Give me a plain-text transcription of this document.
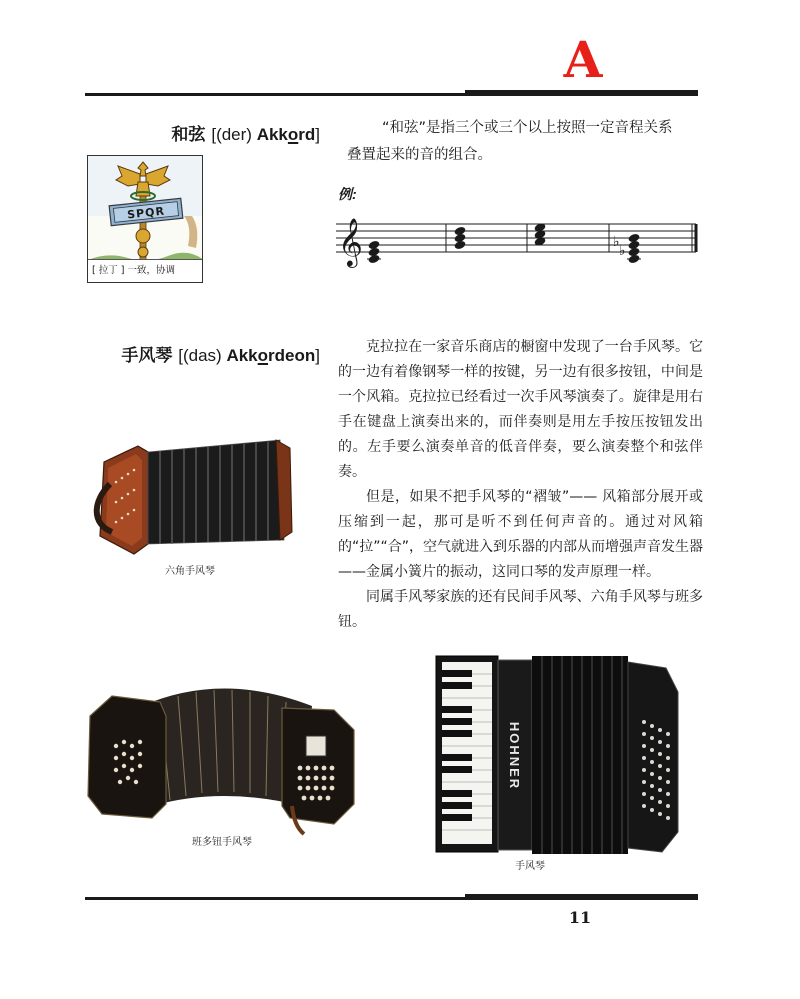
A
和弦 [(der) Akkord]	“和弦”是指三个或三个以上按照一定音程关系
叠置起来的音的组合。
例:
𝄞	♭
♭
SPQR
[ 拉丁 ] 一致，协调
手风琴 [(das) Akkordeon]	克拉拉在一家音乐商店的橱窗中发现了一台手风琴。它的一边有着像钢琴一样的按键，另一边有很多按钮，中间是一个风箱。克拉拉已经看过一次手风琴演奏了。旋律是用右手在键盘上演奏出来的，而伴奏则是用左手按压按钮发出的。左手要么演奏单音的低音伴奏，要么演奏整个和弦伴奏。

但是，如果不把手风琴的“褶皱”—— 风箱部分展开或压缩到一起，那可是听不到任何声音的。通过对风箱的“拉”“合”，空气就进入到乐器的内部从而增强声音发生器——金属小簧片的振动，这同口琴的发声原理一样。

同属手风琴家族的还有民间手风琴、六角手风琴与班多钮。

六角手风琴
班多钮手风琴
HOHNER
手风琴
11
